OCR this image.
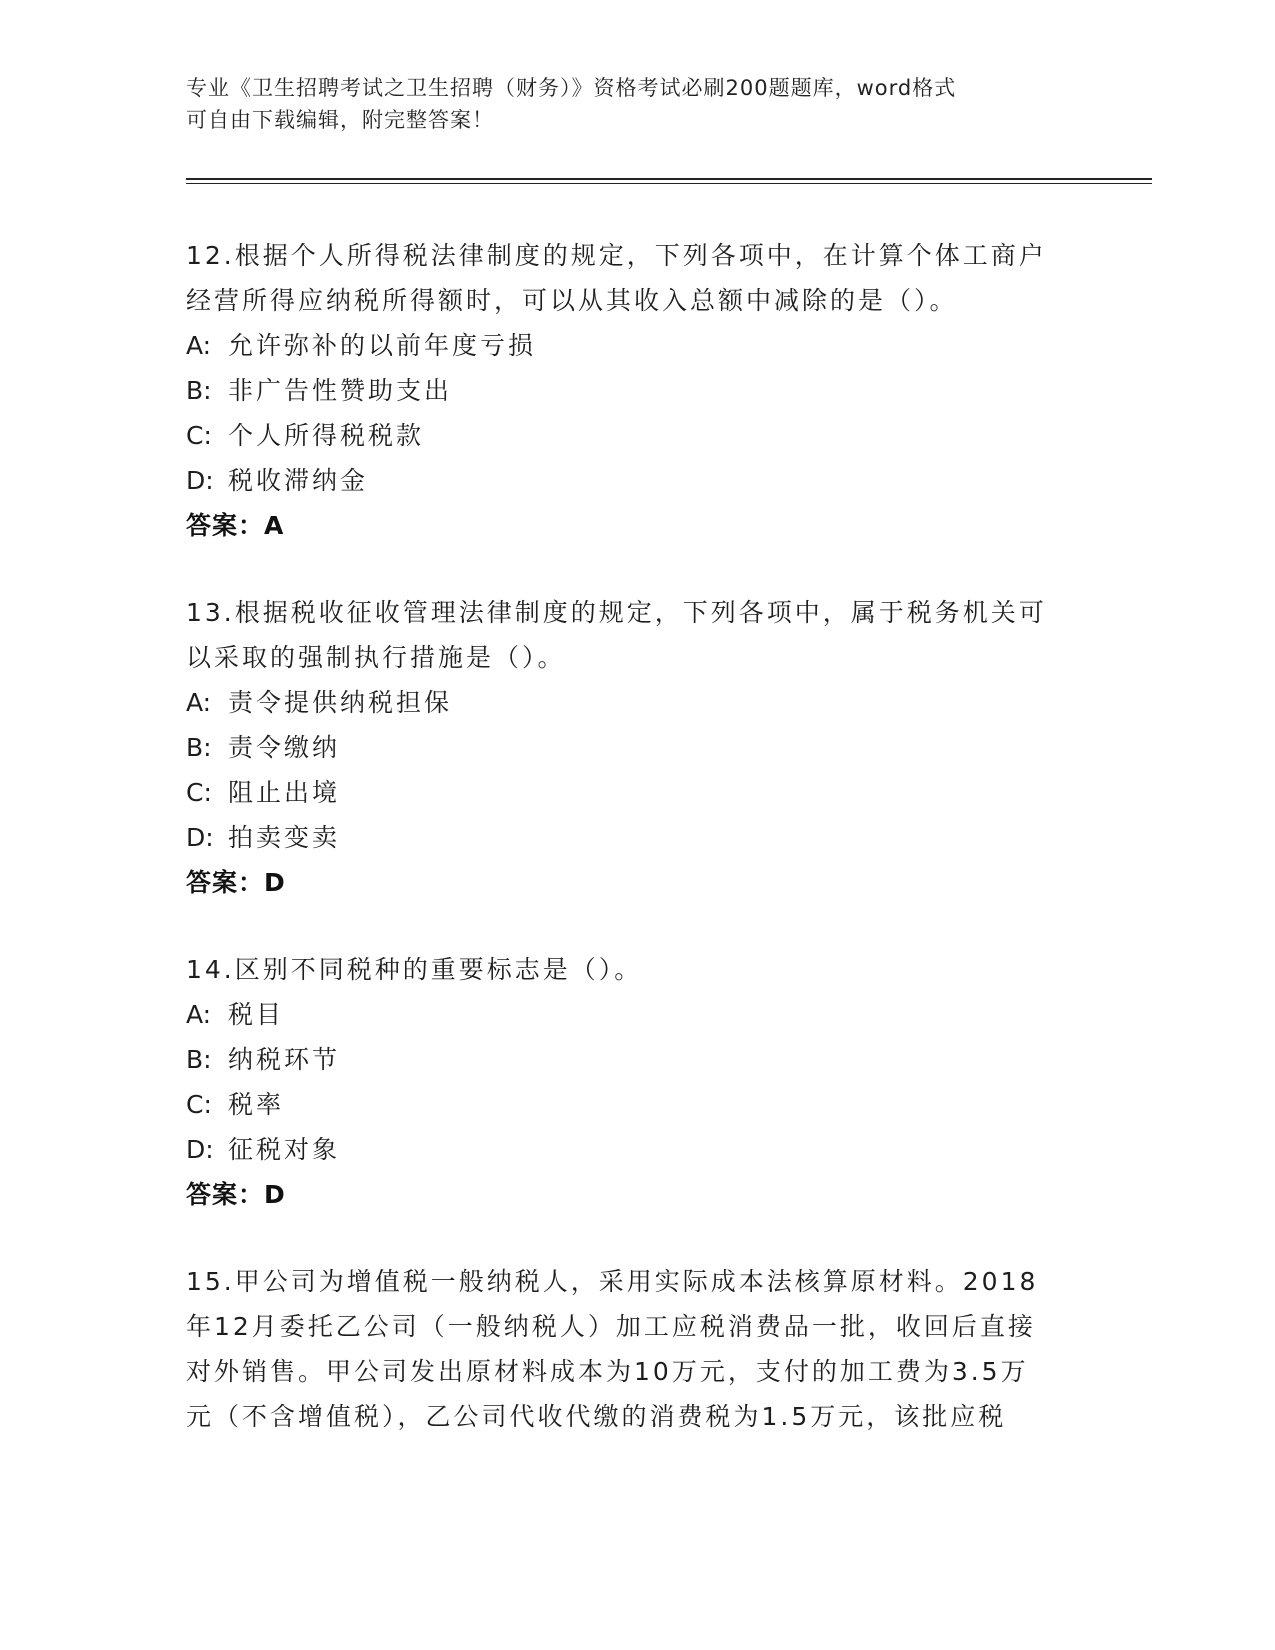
专业《卫生招聘考试之卫生招聘（财务）》资格考试必刷200题题库，word格式
可自由下载编辑，附完整答案！
12.根据个人所得税法律制度的规定，下列各项中，在计算个体工商户
经营所得应纳税所得额时，可以从其收入总额中减除的是（）。
A: 允许弥补的以前年度亏损
B: 非广告性赞助支出
C: 个人所得税税款
D: 税收滞纳金
答案：A
13.根据税收征收管理法律制度的规定，下列各项中，属于税务机关可
以采取的强制执行措施是（）。
A: 责令提供纳税担保
B: 责令缴纳
C: 阻止出境
D: 拍卖变卖
答案：D
14.区别不同税种的重要标志是（）。
A: 税目
B: 纳税环节
C: 税率
D: 征税对象
答案：D
15.甲公司为增值税一般纳税人，采用实际成本法核算原材料。2018
年12月委托乙公司（一般纳税人）加工应税消费品一批，收回后直接
对外销售。甲公司发出原材料成本为10万元，支付的加工费为3.5万
元（不含增值税），乙公司代收代缴的消费税为1.5万元，该批应税
